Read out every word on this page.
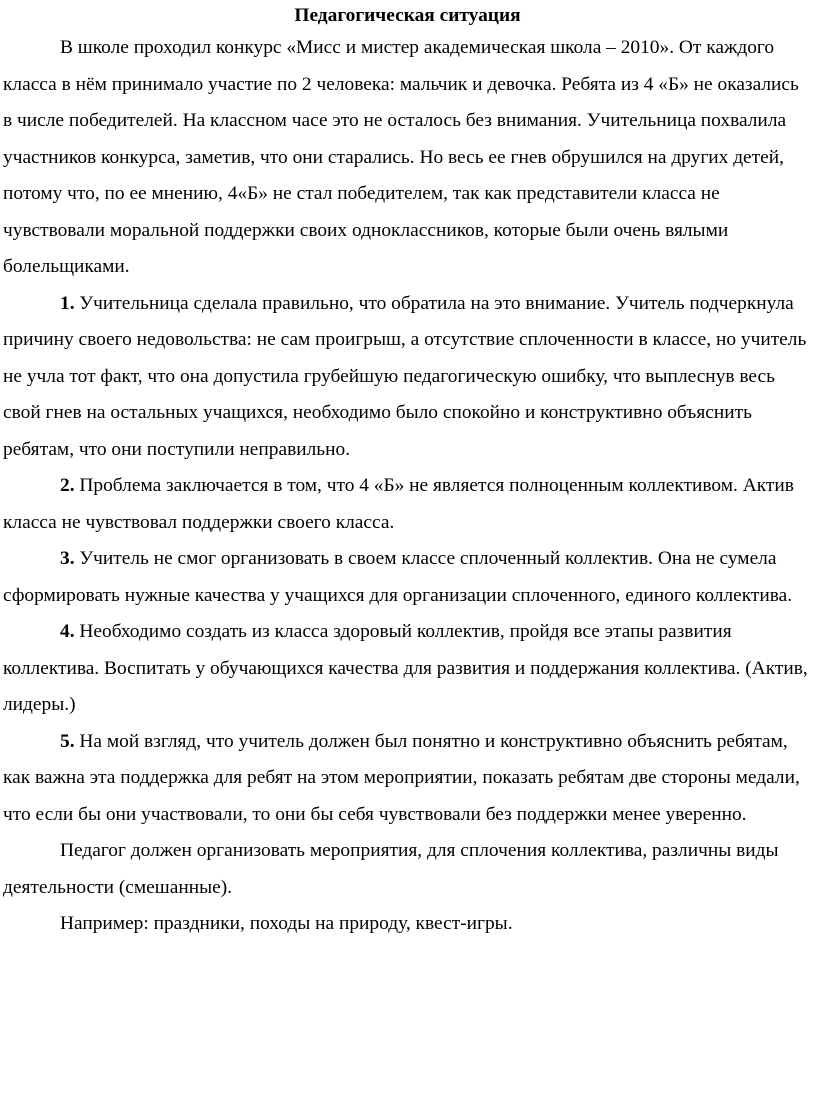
Педагогическая ситуация

В школе проходил конкурс «Мисс и мистер академическая школа – 2010». От каждого класса в нём принимало участие по 2 человека: мальчик и девочка. Ребята из 4 «Б» не оказались в числе победителей. На классном часе это не осталось без внимания. Учительница похвалила участников конкурса, заметив, что они старались. Но весь ее гнев обрушился на других детей, потому что, по ее мнению, 4«Б» не стал победителем, так как представители класса не чувствовали моральной поддержки своих одноклассников, которые были очень вялыми болельщиками.

1. Учительница сделала правильно, что обратила на это внимание. Учитель подчеркнула причину своего недовольства: не сам проигрыш, а отсутствие сплоченности в классе, но учитель не учла тот факт, что она допустила грубейшую педагогическую ошибку, что выплеснув весь свой гнев на остальных учащихся, необходимо было спокойно и конструктивно объяснить ребятам, что они поступили неправильно.

2. Проблема заключается в том, что 4 «Б» не является полноценным коллективом. Актив класса не чувствовал поддержки своего класса.

3. Учитель не смог организовать в своем классе сплоченный коллектив. Она не сумела сформировать нужные качества у учащихся для организации сплоченного, единого коллектива.

4. Необходимо создать из класса здоровый коллектив, пройдя все этапы развития коллектива. Воспитать у обучающихся качества для развития и поддержания коллектива. (Актив, лидеры.)

5. На мой взгляд, что учитель должен был понятно и конструктивно объяснить ребятам, как важна эта поддержка для ребят на этом мероприятии, показать ребятам две стороны медали, что если бы они участвовали, то они бы себя чувствовали без поддержки менее уверенно.

Педагог должен организовать мероприятия, для сплочения коллектива, различны виды деятельности (смешанные).

Например: праздники, походы на природу, квест-игры.
